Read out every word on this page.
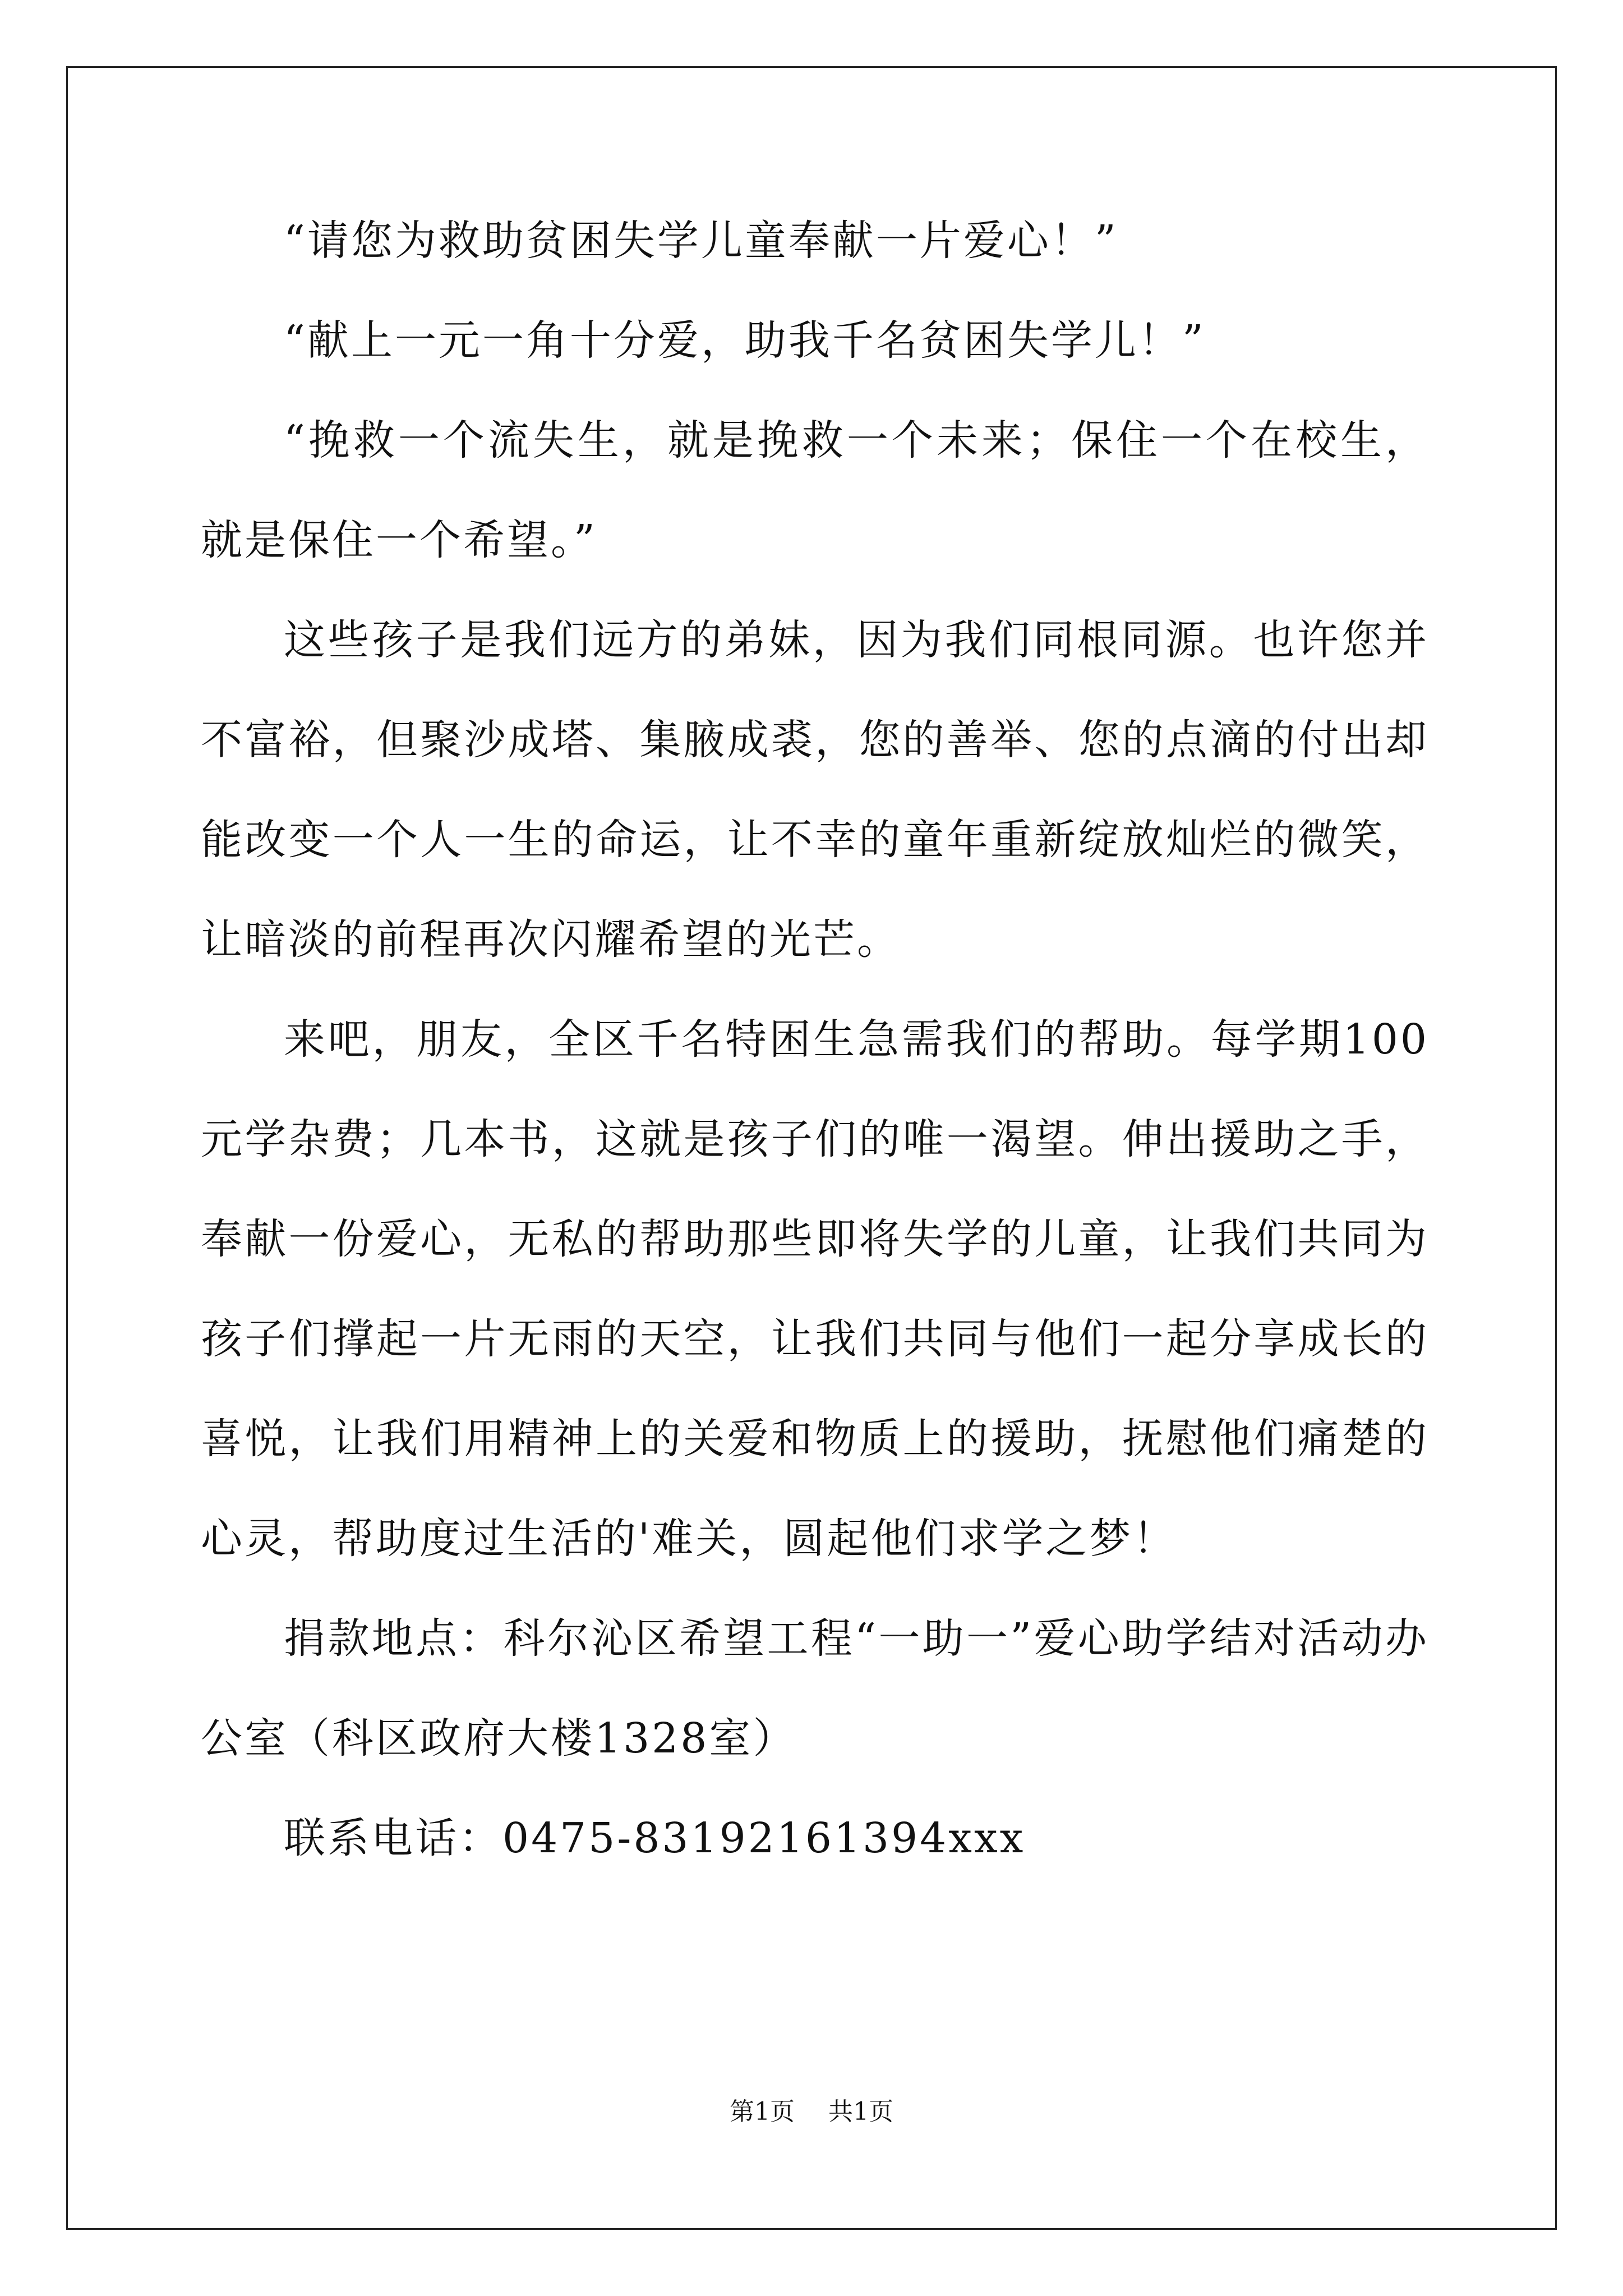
“请您为救助贫困失学儿童奉献一片爱心！”

“献上一元一角十分爱，助我千名贫困失学儿！”

“挽救一个流失生，就是挽救一个未来；保住一个在校生，就是保住一个希望。”

这些孩子是我们远方的弟妹，因为我们同根同源。也许您并不富裕，但聚沙成塔、集腋成裘，您的善举、您的点滴的付出却能改变一个人一生的命运，让不幸的童年重新绽放灿烂的微笑，让暗淡的前程再次闪耀希望的光芒。

来吧，朋友，全区千名特困生急需我们的帮助。每学期100元学杂费；几本书，这就是孩子们的唯一渴望。伸出援助之手，奉献一份爱心，无私的帮助那些即将失学的儿童，让我们共同为孩子们撑起一片无雨的天空，让我们共同与他们一起分享成长的喜悦，让我们用精神上的关爱和物质上的援助，抚慰他们痛楚的心灵，帮助度过生活的'难关，圆起他们求学之梦！

捐款地点：科尔沁区希望工程“一助一”爱心助学结对活动办公室（科区政府大楼1328室）

联系电话：0475-83192161394xxx

第1页 共1页
